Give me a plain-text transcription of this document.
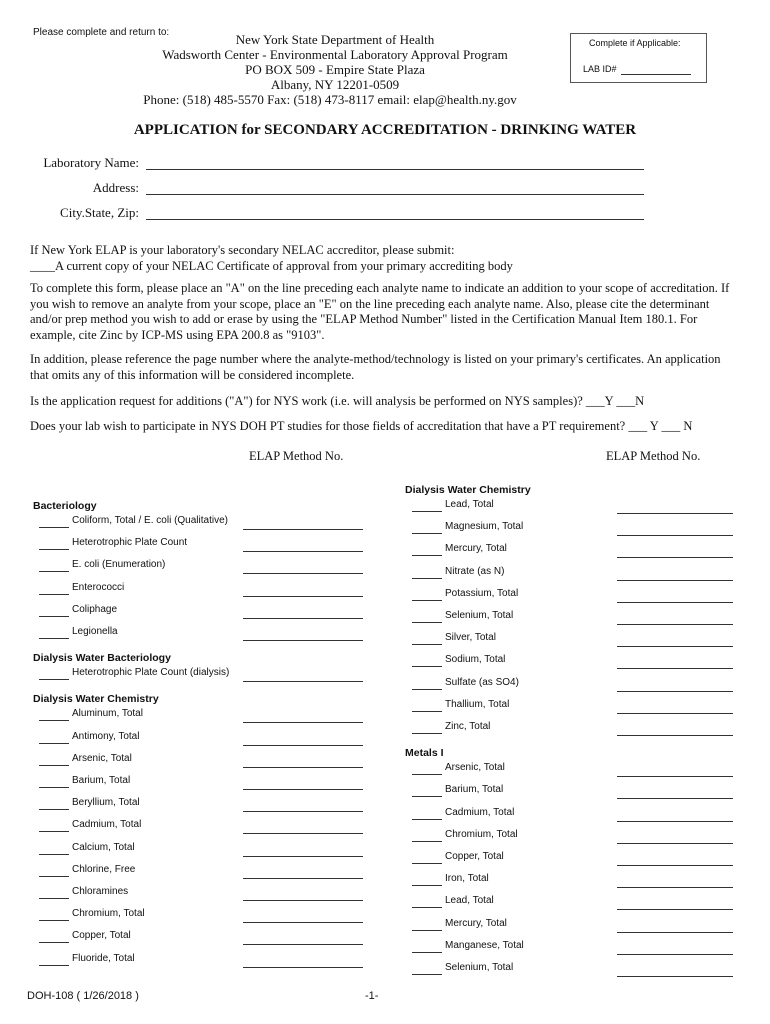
Please complete and return to:	New York State Department of Health
Wadsworth Center - Environmental Laboratory Approval Program
PO BOX 509 - Empire State Plaza
Albany, NY 12201-0509
Phone: (518) 485-5570 Fax: (518) 473-8117 email: elap@health.ny.gov
Complete if Applicable:
LAB ID#
APPLICATION for SECONDARY ACCREDITATION - DRINKING WATER
Laboratory Name:
Address:
City.State, Zip:
If New York ELAP is your laboratory's secondary NELAC accreditor, please submit:
____A current copy of your NELAC Certificate of approval from your primary accrediting body
To complete this form, please place an "A" on the line preceding each analyte name to indicate an addition to your scope of accreditation. If you wish to remove an analyte from your scope, place an "E" on the line preceding each analyte name. Also, please cite the determinant and/or prep method you wish to add or erase by using the "ELAP Method Number" listed in the Certification Manual Item 180.1. For example, cite Zinc by ICP-MS using EPA 200.8 as "9103".
In addition, please reference the page number where the analyte-method/technology is listed on your primary's certificates. An application that omits any of this information will be considered incomplete.
Is the application request for additions ("A") for NYS work (i.e. will analysis be performed on NYS samples)? ___Y ___N
Does your lab wish to participate in NYS DOH PT studies for those fields of accreditation that have a PT requirement? ___ Y ___ N
ELAP Method No.	ELAP Method No.
Bacteriology
Coliform, Total / E. coli (Qualitative)
Heterotrophic Plate Count
E. coli (Enumeration)
Enterococci
Coliphage
Legionella
Dialysis Water Bacteriology
Heterotrophic Plate Count (dialysis)
Dialysis Water Chemistry
Aluminum, Total
Antimony, Total
Arsenic, Total
Barium, Total
Beryllium, Total
Cadmium, Total
Calcium, Total
Chlorine, Free
Chloramines
Chromium, Total
Copper, Total
Fluoride, Total
Dialysis Water Chemistry
Lead, Total
Magnesium, Total
Mercury, Total
Nitrate (as N)
Potassium, Total
Selenium, Total
Silver, Total
Sodium, Total
Sulfate (as SO4)
Thallium, Total
Zinc, Total
Metals I
Arsenic, Total
Barium, Total
Cadmium, Total
Chromium, Total
Copper, Total
Iron, Total
Lead, Total
Mercury, Total
Manganese, Total
Selenium, Total
DOH-108 ( 1/26/2018 )	-1-
